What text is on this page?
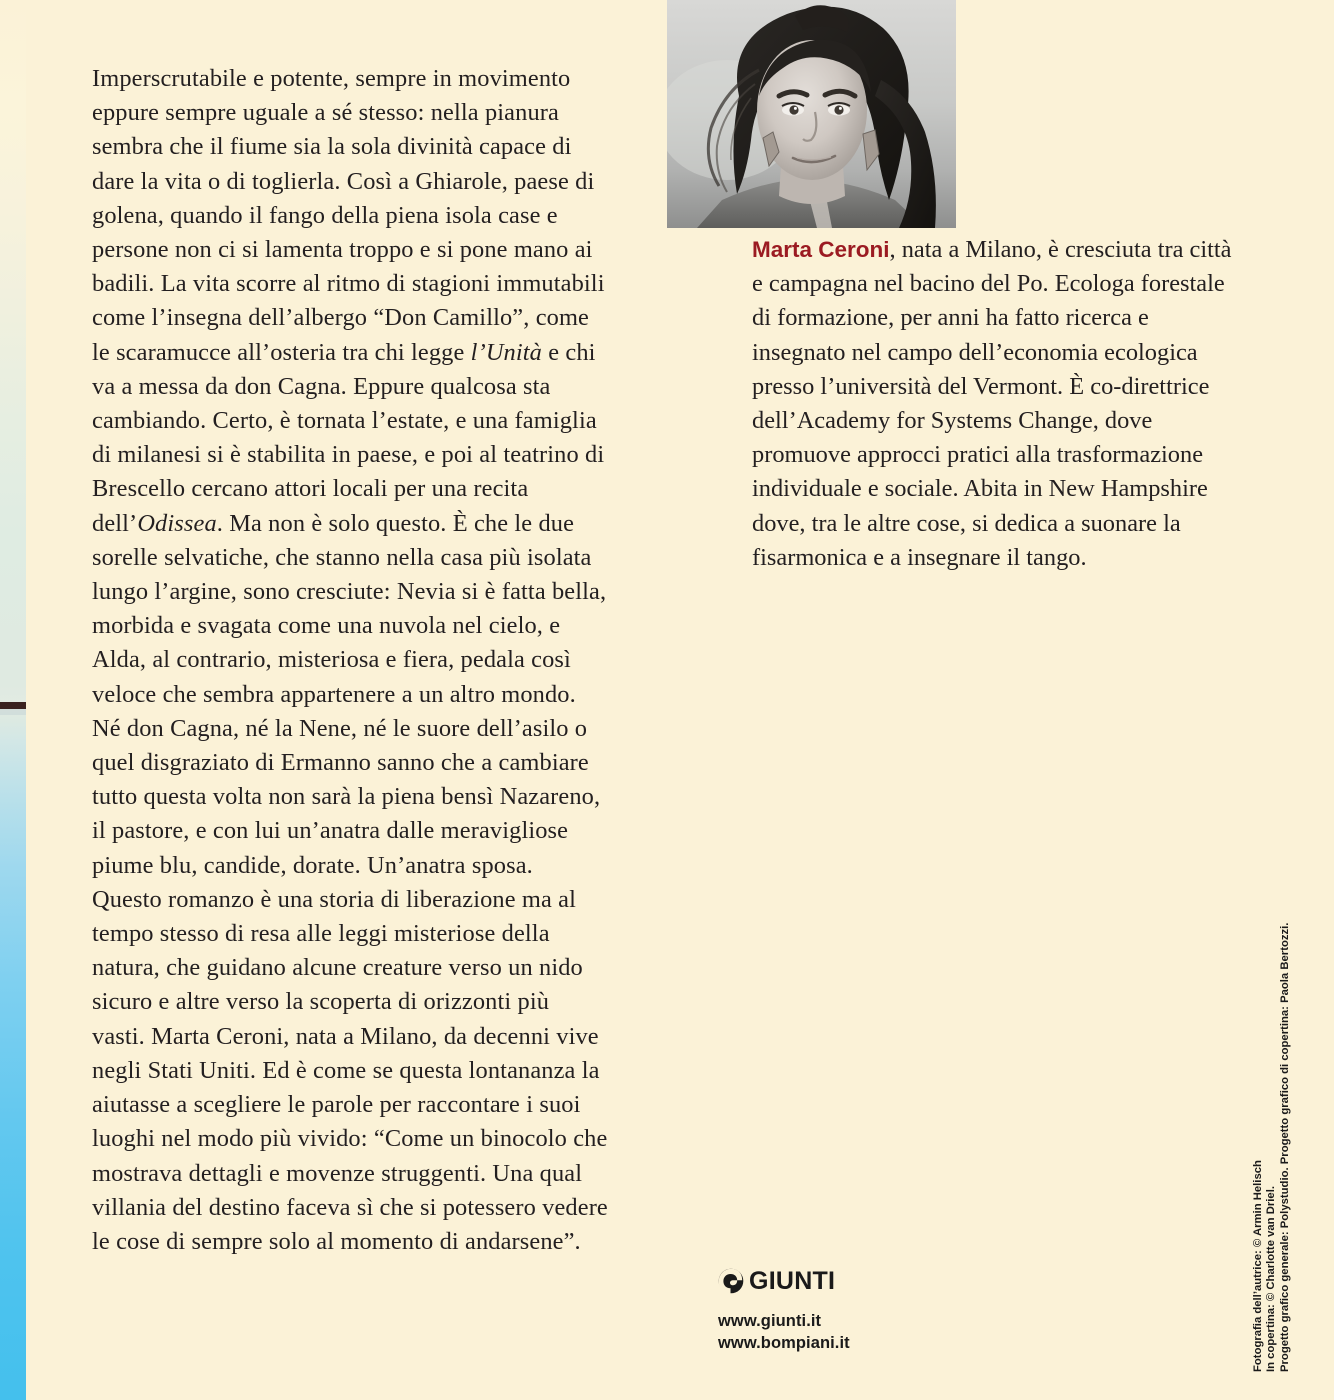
Imperscrutabile e potente, sempre in movimento eppure sempre uguale a sé stesso: nella pianura sembra che il fiume sia la sola divinità capace di dare la vita o di toglierla. Così a Ghiarole, paese di golena, quando il fango della piena isola case e persone non ci si lamenta troppo e si pone mano ai badili. La vita scorre al ritmo di stagioni immutabili come l’insegna dell’albergo “Don Camillo”, come le scaramucce all’osteria tra chi legge l’Unità e chi va a messa da don Cagna. Eppure qualcosa sta cambiando. Certo, è tornata l’estate, e una famiglia di milanesi si è stabilita in paese, e poi al teatrino di Brescello cercano attori locali per una recita dell’Odissea. Ma non è solo questo. È che le due sorelle selvatiche, che stanno nella casa più isolata lungo l’argine, sono cresciute: Nevia si è fatta bella, morbida e svagata come una nuvola nel cielo, e Alda, al contrario, misteriosa e fiera, pedala così veloce che sembra appartenere a un altro mondo. Né don Cagna, né la Nene, né le suore dell’asilo o quel disgraziato di Ermanno sanno che a cambiare tutto questa volta non sarà la piena bensì Nazareno, il pastore, e con lui un’anatra dalle meravigliose piume blu, candide, dorate. Un’anatra sposa. Questo romanzo è una storia di liberazione ma al tempo stesso di resa alle leggi misteriose della natura, che guidano alcune creature verso un nido sicuro e altre verso la scoperta di orizzonti più vasti. Marta Ceroni, nata a Milano, da decenni vive negli Stati Uniti. Ed è come se questa lontananza la aiutasse a scegliere le parole per raccontare i suoi luoghi nel modo più vivido: “Come un binocolo che mostrava dettagli e movenze struggenti. Una qual villania del destino faceva sì che si potessero vedere le cose di sempre solo al momento di andarsene”.
Marta Ceroni, nata a Milano, è cresciuta tra città e campagna nel bacino del Po. Ecologa forestale di formazione, per anni ha fatto ricerca e insegnato nel campo dell’economia ecologica presso l’università del Vermont. È co-direttrice dell’Academy for Systems Change, dove promuove approcci pratici alla trasformazione individuale e sociale. Abita in New Hampshire dove, tra le altre cose, si dedica a suonare la fisarmonica e a insegnare il tango.
GIUNTI
www.giunti.it
www.bompiani.it	Fotografia dell’autrice: © Armin Helisch In copertina: © Charlotte van Driel. Progetto grafico generale: Polystudio. Progetto grafico di copertina: Paola Bertozzi.
